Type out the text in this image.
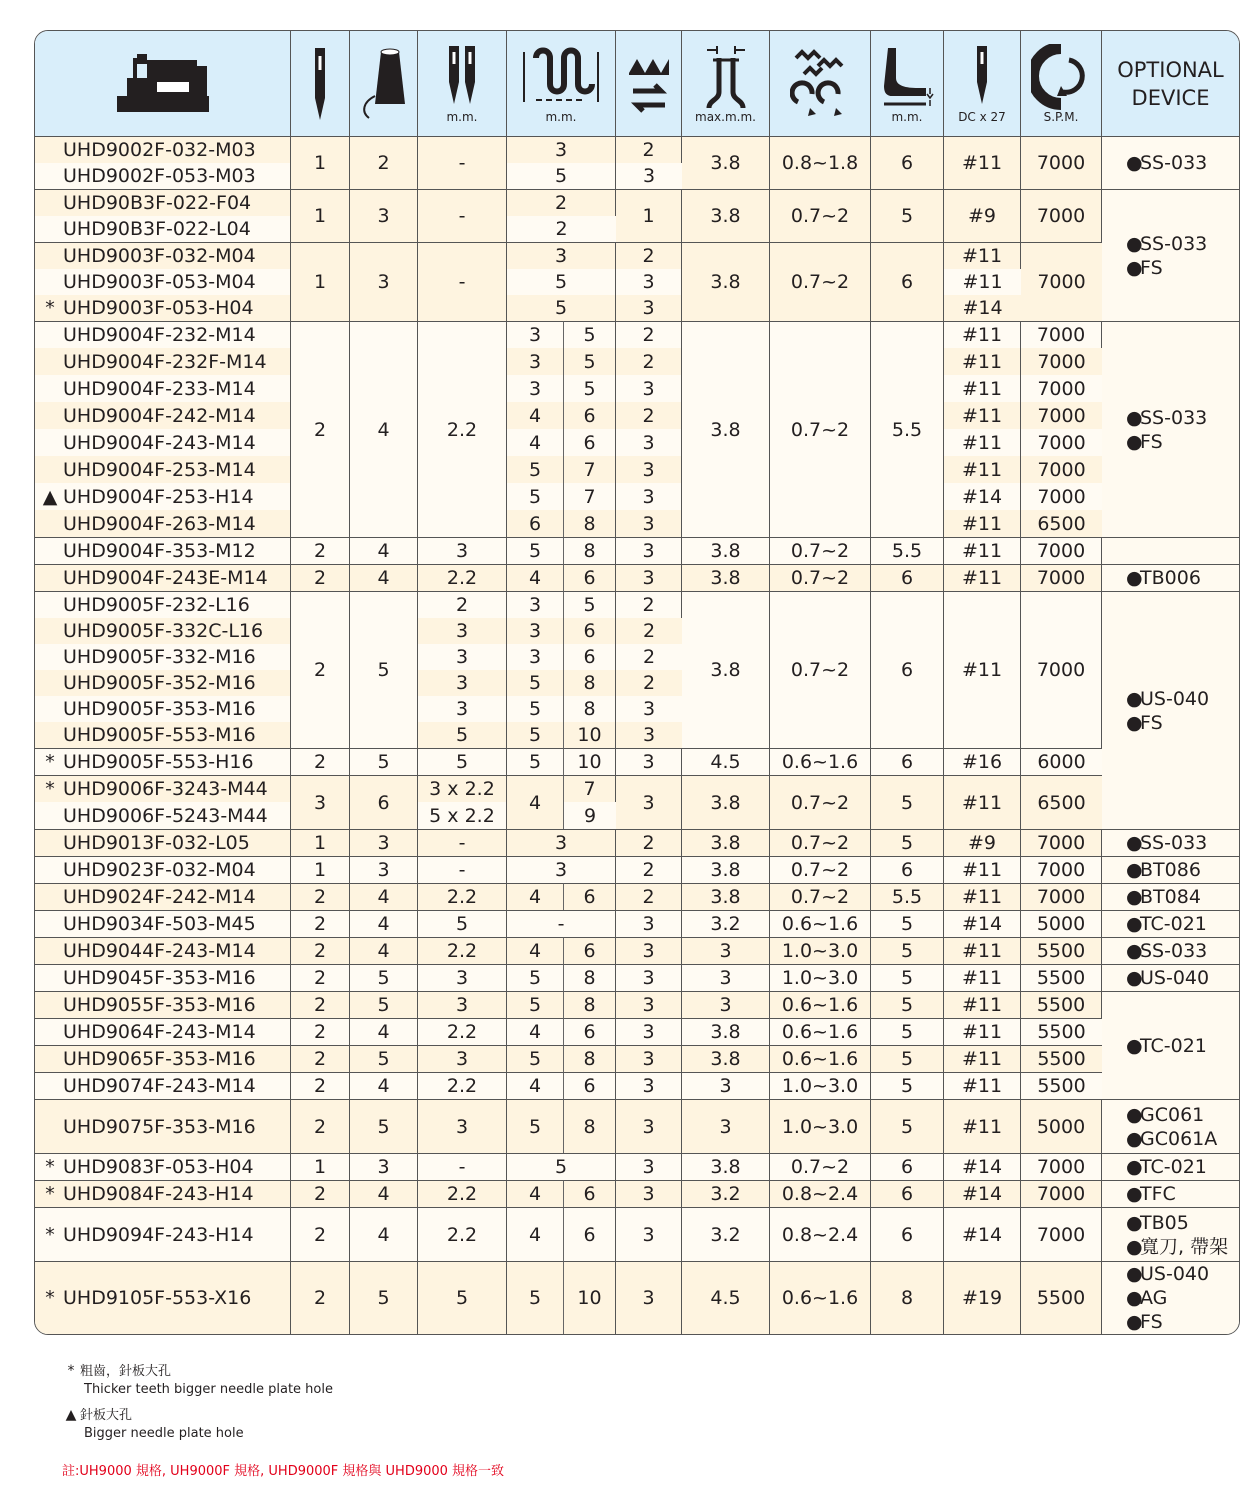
m.m.	m.m.			max.m.m.		m.m.	DC x 27	S.P.M.	OPTIONAL
DEVICE

UHD9002F-032-M03	1	2	-	3		2	3.8	0.8~1.8	6	#11	7000	●SS-033

UHD9002F-053-M03				5		3						
UHD90B3F-022-F04	1	3	-	2		1	3.8	0.7~2	5	#9	7000	●SS-033
●FS

UHD90B3F-022-L04				2								
UHD9003F-032-M04	1	3	-	3		2	3.8	0.7~2	6	#11	7000	
UHD9003F-053-M04				5		3				#11		
* UHD9003F-053-H04				5		3				#14		
UHD9004F-232-M14	2	4	2.2	3	5	2	3.8	0.7~2	5.5	#11	7000	●SS-033
●FS

UHD9004F-232F-M14				3	5	2				#11	7000	
UHD9004F-233-M14				3	5	3				#11	7000	
UHD9004F-242-M14				4	6	2				#11	7000	
UHD9004F-243-M14				4	6	3				#11	7000	
UHD9004F-253-M14				5	7	3				#11	7000	
▲ UHD9004F-253-H14				5	7	3				#14	7000	
UHD9004F-263-M14				6	8	3				#11	6500	
UHD9004F-353-M12	2	4	3	5	8	3	3.8	0.7~2	5.5	#11	7000	
UHD9004F-243E-M14	2	4	2.2	4	6	3	3.8	0.7~2	6	#11	7000	●TB006

UHD9005F-232-L16	2	5	2	3	5	2	3.8	0.7~2	6	#11	7000	●US-040
●FS

UHD9005F-332C-L16			3	3	6	2						
UHD9005F-332-M16			3	3	6	2						
UHD9005F-352-M16			3	5	8	2						
UHD9005F-353-M16			3	5	8	3						
UHD9005F-553-M16			5	5	10	3						
* UHD9005F-553-H16	2	5	5	5	10	3	4.5	0.6~1.6	6	#16	6000	
* UHD9006F-3243-M44	3	6	3 x 2.2	4	7	3	3.8	0.7~2	5	#11	6500	
UHD9006F-5243-M44			5 x 2.2		9							
UHD9013F-032-L05	1	3	-	3		2	3.8	0.7~2	5	#9	7000	●SS-033

UHD9023F-032-M04	1	3	-	3		2	3.8	0.7~2	6	#11	7000	●BT086

UHD9024F-242-M14	2	4	2.2	4	6	2	3.8	0.7~2	5.5	#11	7000	●BT084

UHD9034F-503-M45	2	4	5	-		3	3.2	0.6~1.6	5	#14	5000	●TC-021

UHD9044F-243-M14	2	4	2.2	4	6	3	3	1.0~3.0	5	#11	5500	●SS-033

UHD9045F-353-M16	2	5	3	5	8	3	3	1.0~3.0	5	#11	5500	●US-040

UHD9055F-353-M16	2	5	3	5	8	3	3	0.6~1.6	5	#11	5500	●TC-021

UHD9064F-243-M14	2	4	2.2	4	6	3	3.8	0.6~1.6	5	#11	5500	
UHD9065F-353-M16	2	5	3	5	8	3	3.8	0.6~1.6	5	#11	5500	
UHD9074F-243-M14	2	4	2.2	4	6	3	3	1.0~3.0	5	#11	5500	
UHD9075F-353-M16	2	5	3	5	8	3	3	1.0~3.0	5	#11	5000	●GC061
●GC061A

* UHD9083F-053-H04	1	3	-	5		3	3.8	0.7~2	6	#14	7000	●TC-021

* UHD9084F-243-H14	2	4	2.2	4	6	3	3.2	0.8~2.4	6	#14	7000	●TFC

* UHD9094F-243-H14	2	4	2.2	4	6	3	3.2	0.8~2.4	6	#14	7000	●TB05
●寬刀, 帶架

* UHD9105F-553-X16	2	5	5	5	10	3	4.5	0.6~1.6	8	#19	5500	●US-040
●AG
●FS
* 粗齒，針板大孔
Thicker teeth bigger needle plate hole
▲ 針板大孔
Bigger needle plate hole
註:UH9000 規格, UH9000F 規格, UHD9000F 規格與 UHD9000 規格一致
